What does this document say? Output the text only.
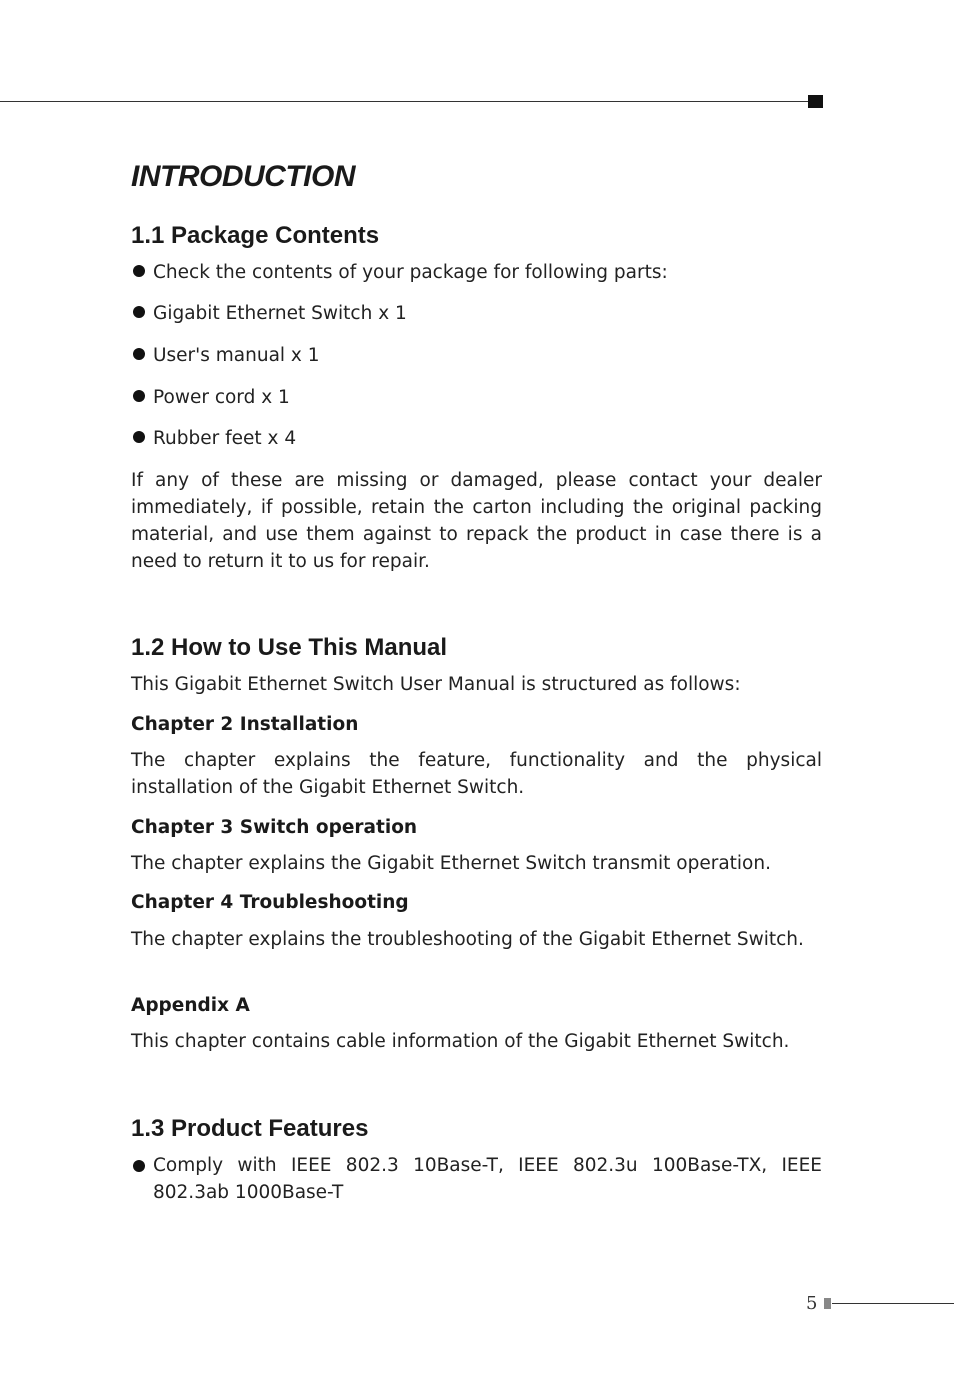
INTRODUCTION
1.1 Package Contents
Check the contents of your package for following parts:
Gigabit Ethernet Switch x 1
User's manual x 1
Power cord x 1
Rubber feet x 4

If any of these are missing or damaged, please contact your dealer immediately, if possible, retain the carton including the original packing material, and use them against to repack the product in case there is a need to return it to us for repair.

1.2 How to Use This Manual

This Gigabit Ethernet Switch User Manual is structured as follows:

Chapter 2 Installation

The chapter explains the feature, functionality and the physical installation of the Gigabit Ethernet Switch.

Chapter 3 Switch operation

The chapter explains the Gigabit Ethernet Switch transmit operation.

Chapter 4 Troubleshooting

The chapter explains the troubleshooting of the Gigabit Ethernet Switch.

Appendix A

This chapter contains cable information of the Gigabit Ethernet Switch.

1.3 Product Features
Comply with IEEE 802.3 10Base-T, IEEE 802.3u 100Base-TX, IEEE 802.3ab 1000Base-T
5
